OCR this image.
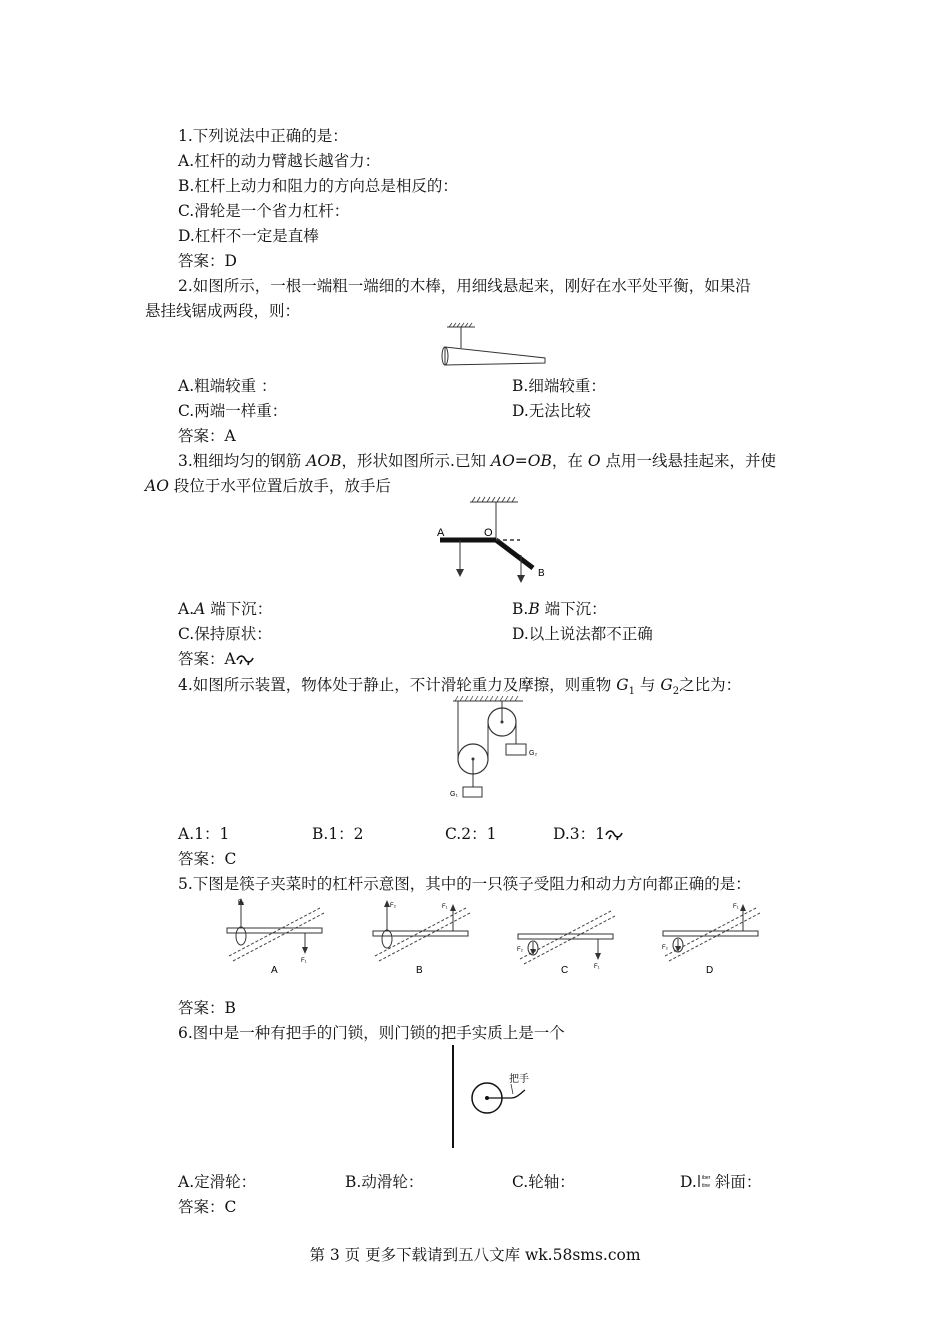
1.下列说法中正确的是：
A.杠杆的动力臂越长越省力：
B.杠杆上动力和阻力的方向总是相反的：
C.滑轮是一个省力杠杆：
D.杠杆不一定是直棒
答案：D
2.如图所示，一根一端粗一端细的木棒，用细线悬起来，刚好在水平处平衡，如果沿
悬挂线锯成两段，则：
A.粗端较重 ：	B.细端较重：
C.两端一样重：	D.无法比较
答案：A
3.粗细均匀的钢筋 AOB，形状如图所示.已知 AO=OB，在 O 点用一线悬挂起来，并使
AO 段位于水平位置后放手，放手后
A	O
B
A.A 端下沉：	B.B 端下沉：
C.保持原状：	D.以上说法都不正确
答案：A
4.如图所示装置，物体处于静止，不计滑轮重力及摩擦，则重物 $G_1$ 与 $G_2$之比为：
G₁
G₂
A.1：1	B.1：2	C.2：1	D.3：1
答案：C
5.下图是筷子夹菜时的杠杆示意图，其中的一只筷子受阻力和动力方向都正确的是：
F₂
F₁
A
F₂	F₁
B
F₂
F₁
C
F₂
F₁
D
答案：B
6.图中是一种有把手的门锁，则门锁的把手实质上是一个
把手
A.定滑轮：	B.动滑轮：	C.轮轴：	D. iber
tine 斜面：
答案：C
第 3 页 更多下载请到五八文库 wk.58sms.com
